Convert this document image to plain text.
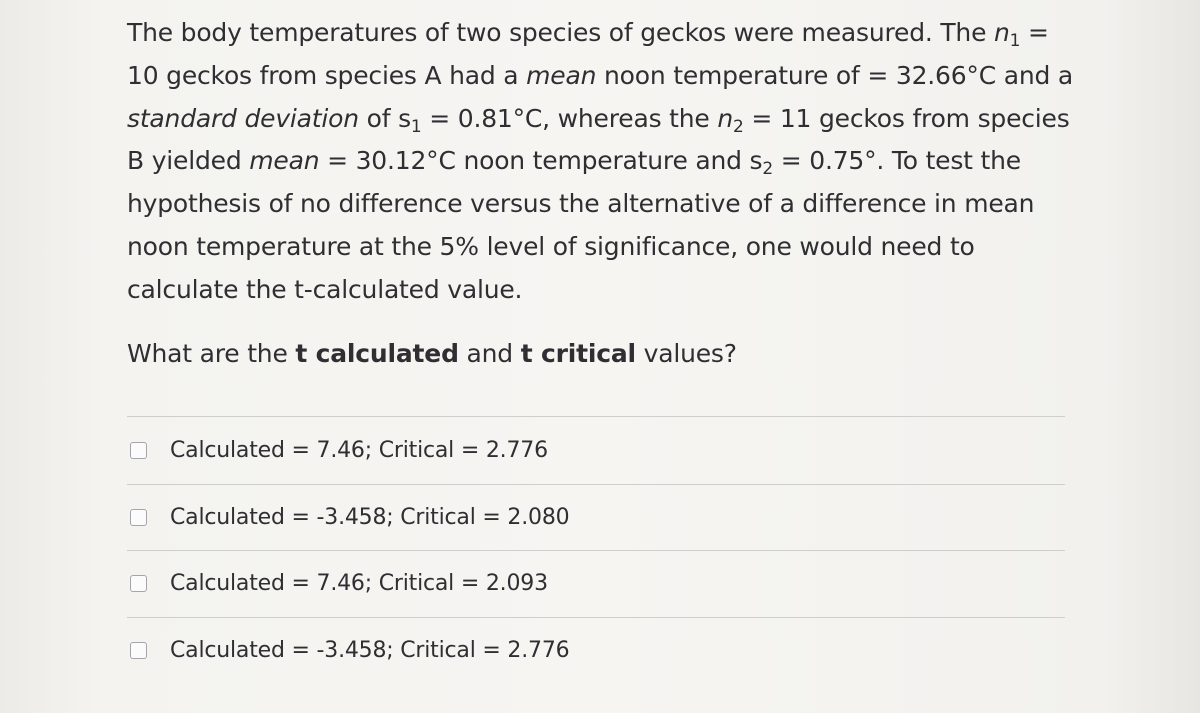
The body temperatures of two species of geckos were measured. The $n_1$ =
10 geckos from species A had a mean noon temperature of = 32.66°C and a
standard deviation of $s_1 = 0.81^\circ C$, whereas the $n_2 = 11$ geckos from species
B yielded mean = 30.12°C noon temperature and $s_2 = 0.75^\circ$. To test the
hypothesis of no difference versus the alternative of a difference in mean
noon temperature at the 5% level of significance, one would need to
calculate the t-calculated value.
What are the t calculated and t critical values?
Calculated = 7.46; Critical = 2.776
Calculated = -3.458; Critical = 2.080
Calculated = 7.46; Critical = 2.093
Calculated = -3.458; Critical = 2.776
